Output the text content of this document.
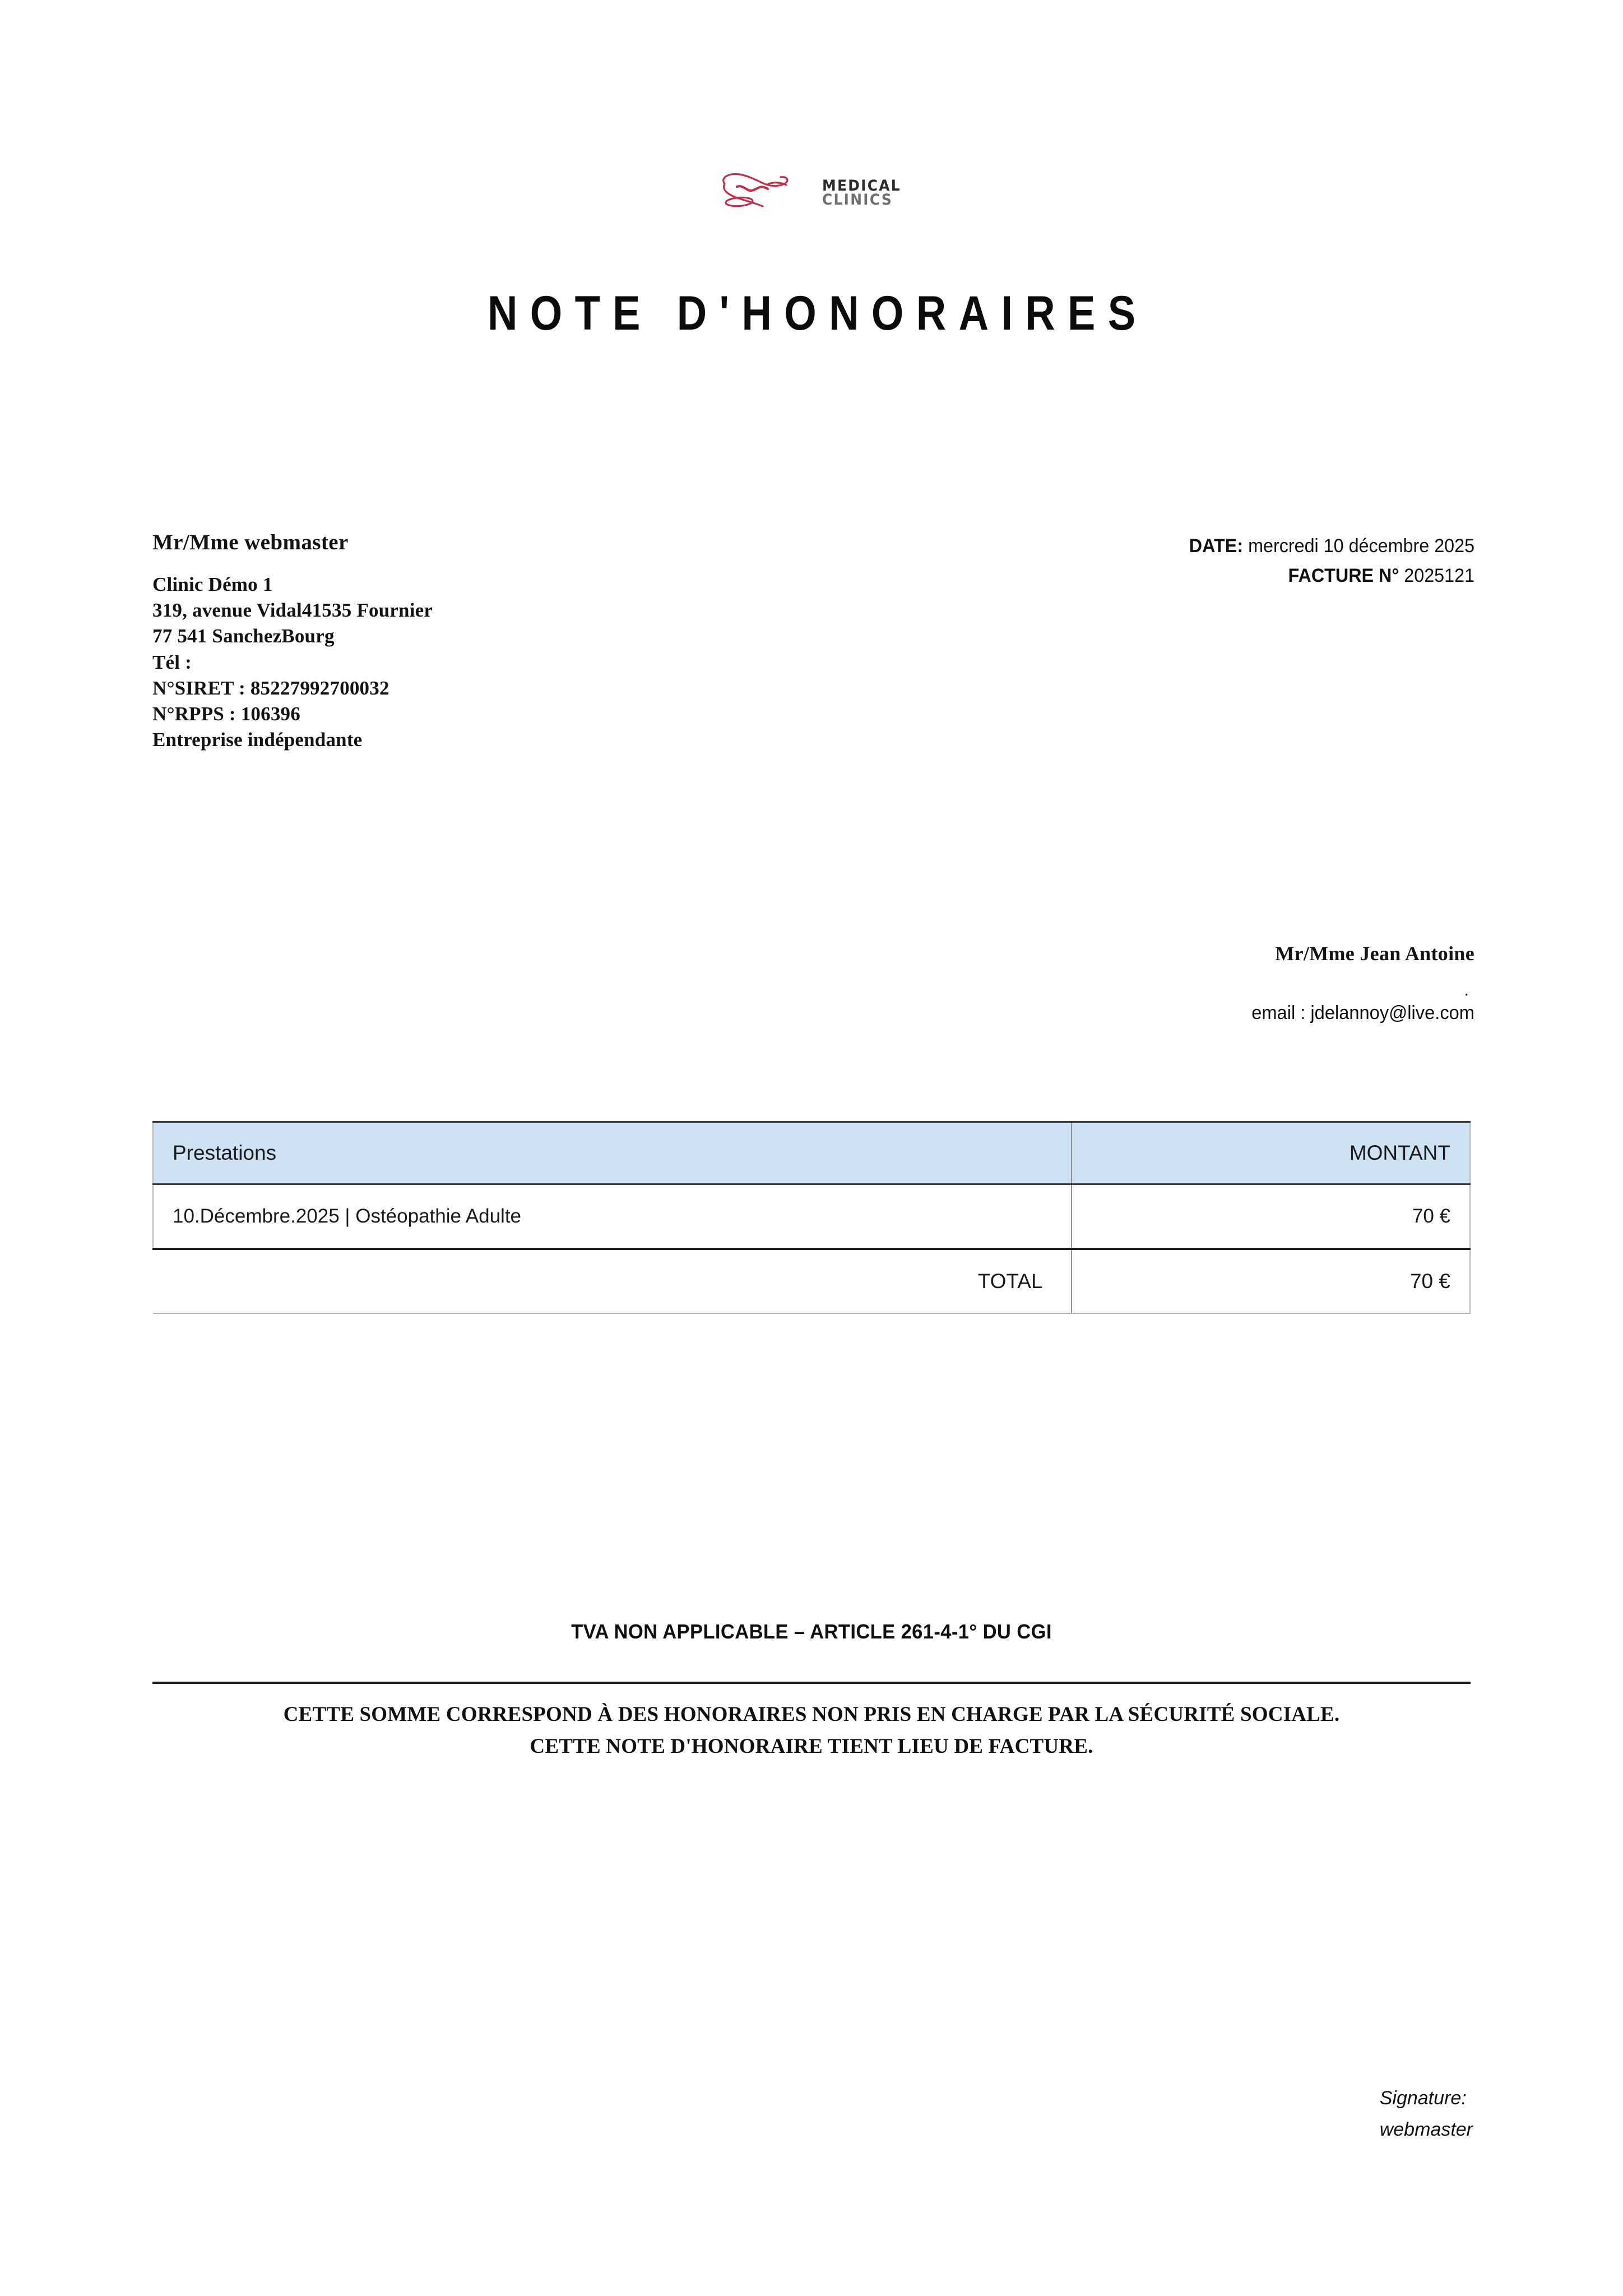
MEDICAL
CLINICS
NOTE D'HONORAIRES
Mr/Mme webmaster
Clinic Démo 1
319, avenue Vidal41535 Fournier
77 541 SanchezBourg
Tél :
N°SIRET : 85227992700032
N°RPPS : 106396
Entreprise indépendante
DATE: mercredi 10 décembre 2025
FACTURE N° 2025121
Mr/Mme Jean Antoine
.
email : jdelannoy@live.com
Prestations	MONTANT
10.Décembre.2025 | Ostéopathie Adulte	70 €
TOTAL	70 €
TVA NON APPLICABLE – ARTICLE 261-4-1° DU CGI
CETTE SOMME CORRESPOND À DES HONORAIRES NON PRIS EN CHARGE PAR LA SÉCURITÉ SOCIALE.
CETTE NOTE D'HONORAIRE TIENT LIEU DE FACTURE.
Signature:
webmaster
